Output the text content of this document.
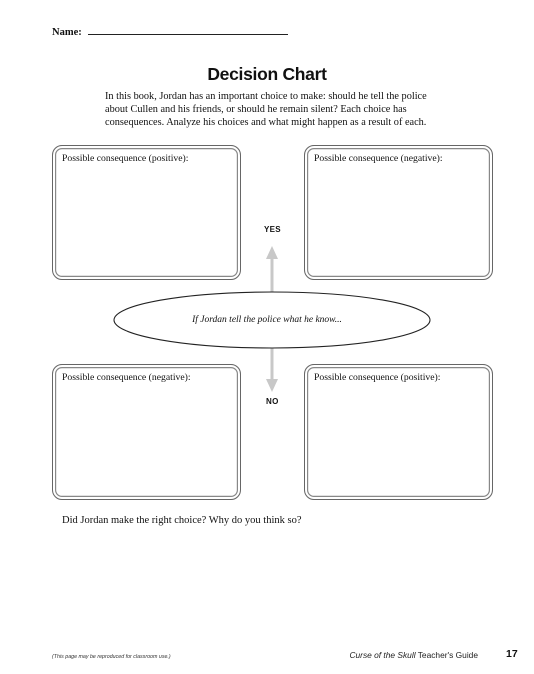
Name:
Decision Chart
In this book, Jordan has an important choice to make: should he tell the police about Cullen and his friends, or should he remain silent? Each choice has consequences. Analyze his choices and what might happen as a result of each.
Possible consequence (positive):	Possible consequence (negative):
Possible consequence (negative):	Possible consequence (positive):
YES
NO
If Jordan tell the police what he know...
Did Jordan make the right choice? Why do you think so?
(This page may be reproduced for classroom use.)	Curse of the Skull Teacher's Guide	17
